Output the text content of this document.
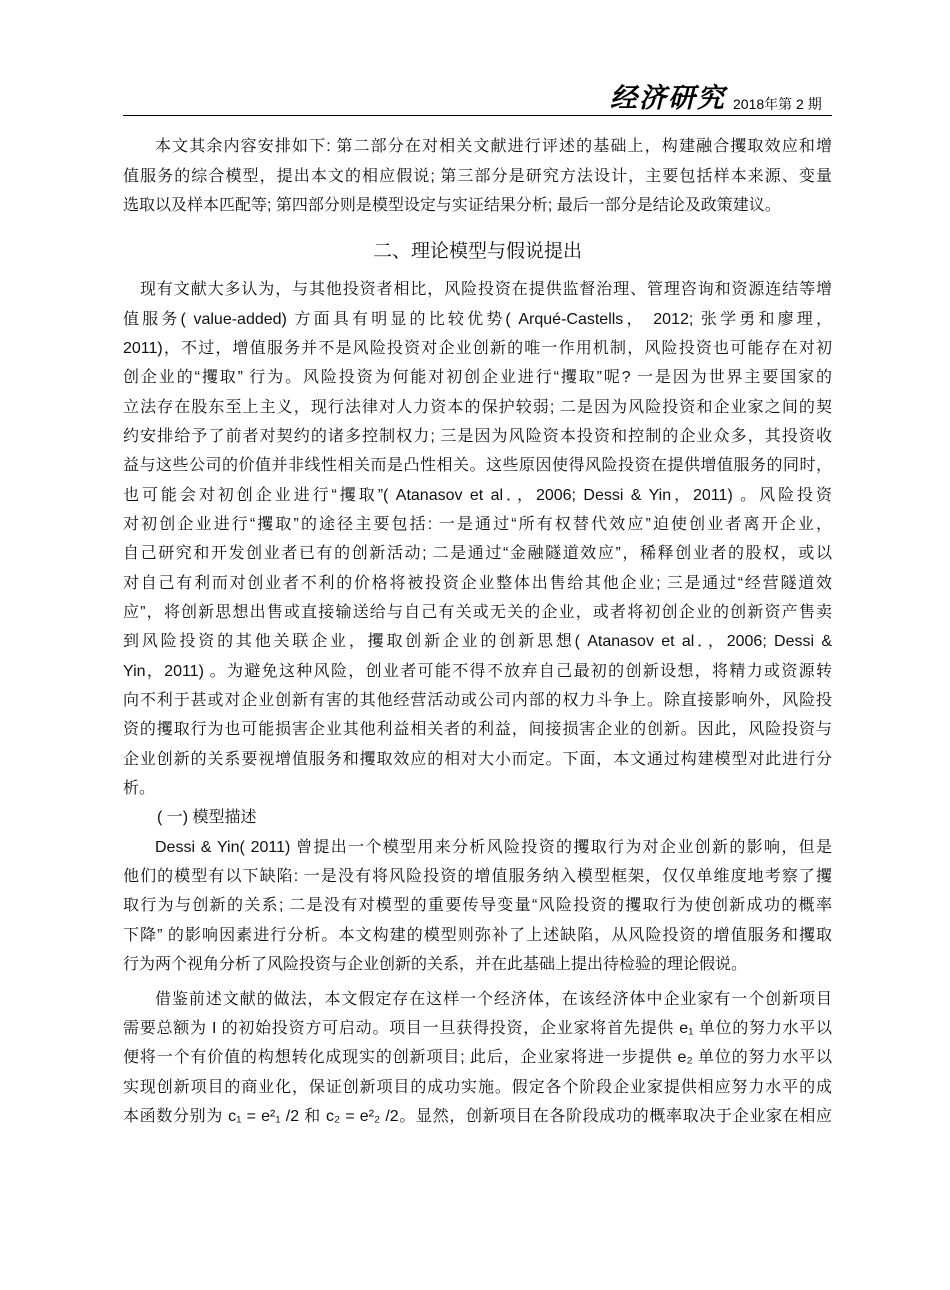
经济研究 2018年第 2 期
本文其余内容安排如下: 第二部分在对相关文献进行评述的基础上，构建融合攫取效应和增
值服务的综合模型，提出本文的相应假说; 第三部分是研究方法设计，主要包括样本来源、变量
选取以及样本匹配等; 第四部分则是模型设定与实证结果分析; 最后一部分是结论及政策建议。
二、理论模型与假说提出
现有文献大多认为，与其他投资者相比，风险投资在提供监督治理、管理咨询和资源连结等增
值服务( value-added) 方面具有明显的比较优势( Arqué-Castells， 2012; 张学勇和廖理，
2011)，不过，增值服务并不是风险投资对企业创新的唯一作用机制，风险投资也可能存在对初
创企业的“攫取” 行为。风险投资为何能对初创企业进行“攫取”呢? 一是因为世界主要国家的
立法存在股东至上主义，现行法律对人力资本的保护较弱; 二是因为风险投资和企业家之间的契
约安排给予了前者对契约的诸多控制权力; 三是因为风险资本投资和控制的企业众多，其投资收
益与这些公司的价值并非线性相关而是凸性相关。这些原因使得风险投资在提供增值服务的同时，
也可能会对初创企业进行“攫取”( Atanasov et al．，2006; Dessi & Yin，2011) 。风险投资
对初创企业进行“攫取”的途径主要包括: 一是通过“所有权替代效应”迫使创业者离开企业，
自己研究和开发创业者已有的创新活动; 二是通过“金融隧道效应”，稀释创业者的股权，或以
对自己有利而对创业者不利的价格将被投资企业整体出售给其他企业; 三是通过“经营隧道效
应”，将创新思想出售或直接输送给与自己有关或无关的企业，或者将初创企业的创新资产售卖
到风险投资的其他关联企业，攫取创新企业的创新思想( Atanasov et al．，2006; Dessi &
Yin，2011) 。为避免这种风险，创业者可能不得不放弃自己最初的创新设想，将精力或资源转
向不利于甚或对企业创新有害的其他经营活动或公司内部的权力斗争上。除直接影响外，风险投
资的攫取行为也可能损害企业其他利益相关者的利益，间接损害企业的创新。因此，风险投资与
企业创新的关系要视增值服务和攫取效应的相对大小而定。下面，本文通过构建模型对此进行分
析。
( 一) 模型描述
Dessi & Yin( 2011) 曾提出一个模型用来分析风险投资的攫取行为对企业创新的影响，但是
他们的模型有以下缺陷: 一是没有将风险投资的增值服务纳入模型框架，仅仅单维度地考察了攫
取行为与创新的关系; 二是没有对模型的重要传导变量“风险投资的攫取行为使创新成功的概率
下降” 的影响因素进行分析。本文构建的模型则弥补了上述缺陷，从风险投资的增值服务和攫取
行为两个视角分析了风险投资与企业创新的关系，并在此基础上提出待检验的理论假说。
借鉴前述文献的做法，本文假定存在这样一个经济体，在该经济体中企业家有一个创新项目
需要总额为 I 的初始投资方可启动。项目一旦获得投资，企业家将首先提供 e₁ 单位的努力水平以
便将一个有价值的构想转化成现实的创新项目; 此后，企业家将进一步提供 e₂ 单位的努力水平以
实现创新项目的商业化，保证创新项目的成功实施。假定各个阶段企业家提供相应努力水平的成
本函数分别为 c₁ = e²₁ /2 和 c₂ = e²₂ /2。显然，创新项目在各阶段成功的概率取决于企业家在相应
